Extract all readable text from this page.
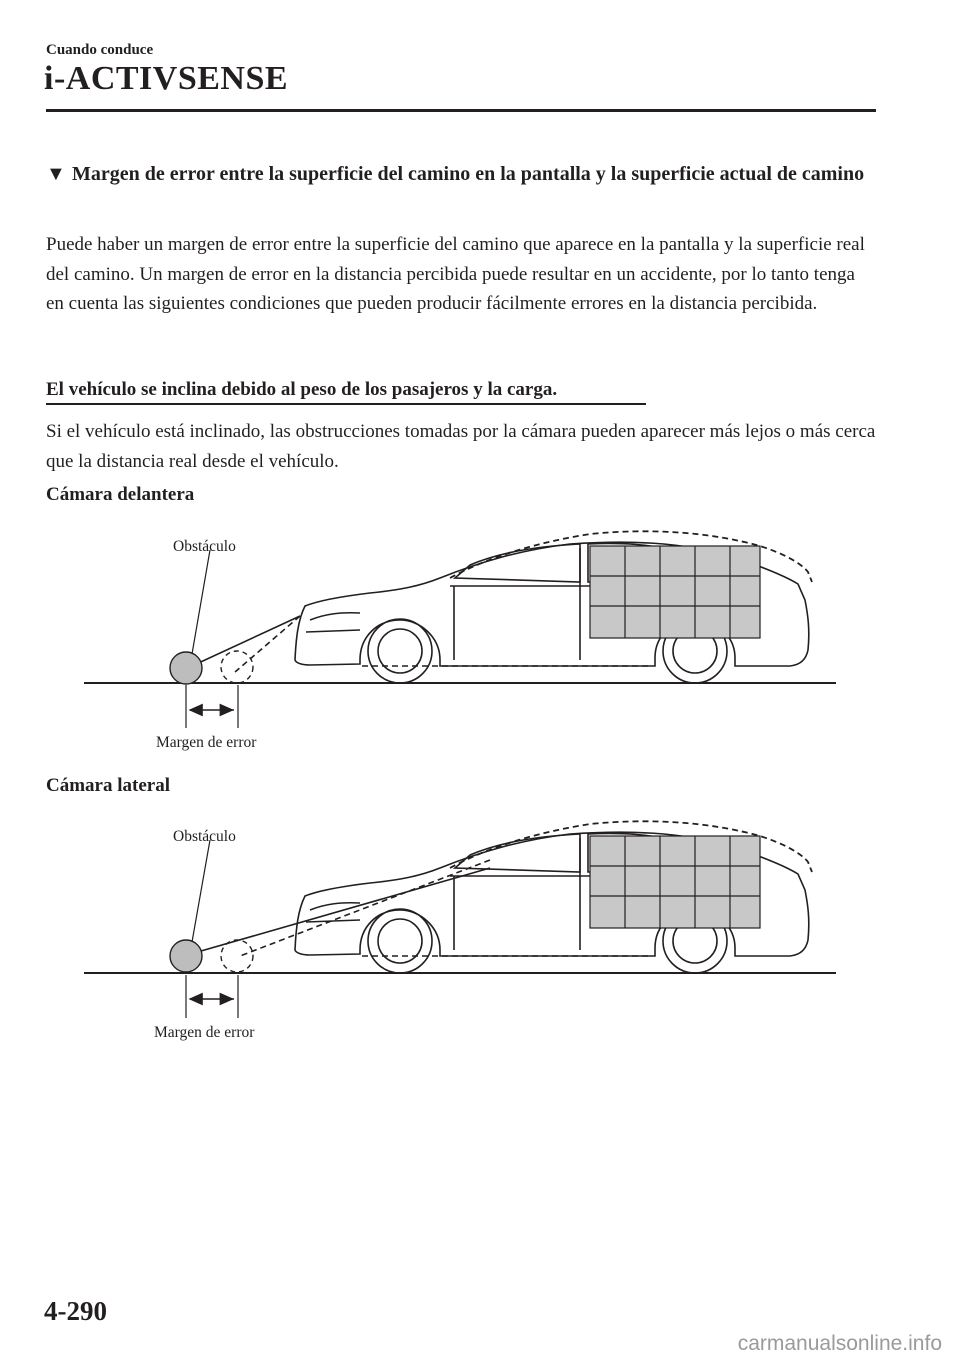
Cuando conduce
i-ACTIVSENSE
▼ Margen de error entre la superficie del camino en la pantalla y la superficie actual de camino
Puede haber un margen de error entre la superficie del camino que aparece en la pantalla y la superficie real del camino. Un margen de error en la distancia percibida puede resultar en un accidente, por lo tanto tenga en cuenta las siguientes condiciones que pueden producir fácilmente errores en la distancia percibida.
El vehículo se inclina debido al peso de los pasajeros y la carga.
Si el vehículo está inclinado, las obstrucciones tomadas por la cámara pueden aparecer más lejos o más cerca que la distancia real desde el vehículo.
Cámara delantera
Obstáculo
Margen de error
Cámara lateral
Obstáculo
Margen de error
4-290
carmanualsonline.info
